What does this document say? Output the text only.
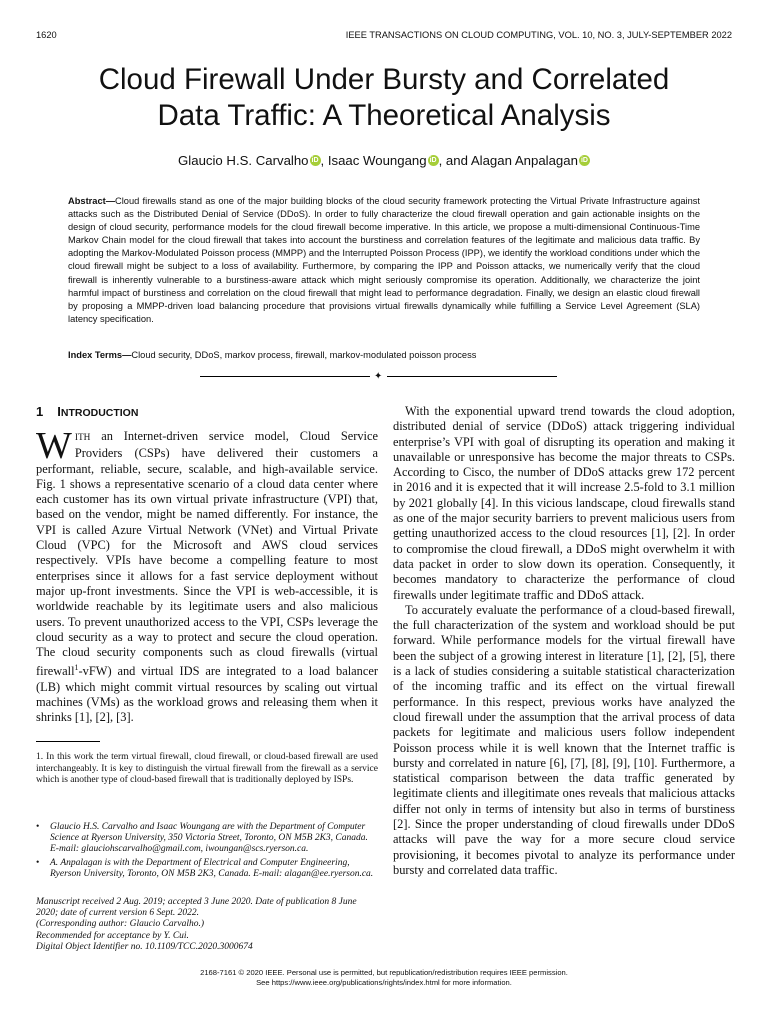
1620	IEEE TRANSACTIONS ON CLOUD COMPUTING, VOL. 10, NO. 3, JULY-SEPTEMBER 2022
Cloud Firewall Under Bursty and Correlated
Data Traffic: A Theoretical Analysis
Glaucio H.S. Carvalho iD , Isaac Woungang iD , and Alagan Anpalagan iD

Abstract—Cloud firewalls stand as one of the major building blocks of the cloud security framework protecting the Virtual Private Infrastructure against attacks such as the Distributed Denial of Service (DDoS). In order to fully characterize the cloud firewall operation and gain actionable insights on the design of cloud security, performance models for the cloud firewall become imperative. In this article, we propose a multi-dimensional Continuous-Time Markov Chain model for the cloud firewall that takes into account the burstiness and correlation features of the legitimate and malicious data traffic. By adopting the Markov-Modulated Poisson process (MMPP) and the Interrupted Poisson Process (IPP), we identify the workload conditions under which the cloud firewall might be subject to a loss of availability. Furthermore, by comparing the IPP and Poisson attacks, we numerically verify that the cloud firewall is inherently vulnerable to a burstiness-aware attack which might seriously compromise its operation. Additionally, we characterize the joint harmful impact of burstiness and correlation on the cloud firewall that might lead to performance degradation. Finally, we design an elastic cloud firewall by proposing a MMPP-driven load balancing procedure that provisions virtual firewalls dynamically while fulfilling a Service Level Agreement (SLA) latency specification.

Index Terms—Cloud security, DDoS, markov process, firewall, markov-modulated poisson process

✦
1 INTRODUCTION

WITH an Internet-driven service model, Cloud Service Providers (CSPs) have delivered their customers a performant, reliable, secure, scalable, and high-available service. Fig. 1 shows a representative scenario of a cloud data center where each customer has its own virtual private infrastructure (VPI) that, based on the vendor, might be named differently. For instance, the VPI is called Azure Virtual Network (VNet) and Virtual Private Cloud (VPC) for the Microsoft and AWS cloud services respectively. VPIs have become a compelling feature to most enterprises since it allows for a fast service deployment without major up-front investments. Since the VPI is web-accessible, it is worldwide reachable by its legitimate users and also malicious users. To prevent unauthorized access to the VPI, CSPs leverage the cloud security as a way to protect and secure the cloud operation. The cloud security components such as cloud firewalls (virtual firewall$^1$-vFW) and virtual IDS are integrated to a load balancer (LB) which might commit virtual resources by scaling out virtual machines (VMs) as the workload grows and releasing them when it shrinks [1], [2], [3].

1. In this work the term virtual firewall, cloud firewall, or cloud-based firewall are used interchangeably. It is key to distinguish the virtual firewall from the firewall as a service which is another type of cloud-based firewall that is traditionally deployed by ISPs.

• Glaucio H.S. Carvalho and Isaac Woungang are with the Department of Computer Science at Ryerson University, 350 Victoria Street, Toronto, ON M5B 2K3, Canada. E-mail: glauciohscarvalho@gmail.com, iwoungan@scs.ryerson.ca.
• A. Anpalagan is with the Department of Electrical and Computer Engineering, Ryerson University, Toronto, ON M5B 2K3, Canada. E-mail: alagan@ee.ryerson.ca.

Manuscript received 2 Aug. 2019; accepted 3 June 2020. Date of publication 8 June 2020; date of current version 6 Sept. 2022.
(Corresponding author: Glaucio Carvalho.)
Recommended for acceptance by Y. Cui.
Digital Object Identifier no. 10.1109/TCC.2020.3000674

With the exponential upward trend towards the cloud adoption, distributed denial of service (DDoS) attack triggering individual enterprise’s VPI with goal of disrupting its operation and making it unavailable or unresponsive has become the major threats to CSPs. According to Cisco, the number of DDoS attacks grew 172 percent in 2016 and it is expected that it will increase 2.5-fold to 3.1 million by 2021 globally [4]. In this vicious landscape, cloud firewalls stand as one of the major security barriers to prevent malicious users from getting unauthorized access to the cloud resources [1], [2]. In order to compromise the cloud firewall, a DDoS might overwhelm it with data packet in order to slow down its operation. Consequently, it becomes mandatory to characterize the performance of cloud firewalls under legitimate traffic and DDoS attack.

To accurately evaluate the performance of a cloud-based firewall, the full characterization of the system and workload should be put forward. While performance models for the virtual firewall have been the subject of a growing interest in literature [1], [2], [5], there is a lack of studies considering a suitable statistical characterization of the incoming traffic and its effect on the virtual firewall performance. In this respect, previous works have analyzed the cloud firewall under the assumption that the arrival process of data packets for legitimate and malicious users follow independent Poisson process while it is well known that the Internet traffic is bursty and correlated in nature [6], [7], [8], [9], [10]. Furthermore, a statistical comparison between the data traffic generated by legitimate clients and illegitimate ones reveals that malicious attacks differ not only in terms of intensity but also in terms of burstiness [2]. Since the proper understanding of cloud firewalls under DDoS attacks will pave the way for a more secure cloud service provisioning, it becomes pivotal to analyze its performance under bursty and correlated data traffic.

2168-7161 © 2020 IEEE. Personal use is permitted, but republication/redistribution requires IEEE permission.
See https://www.ieee.org/publications/rights/index.html for more information.
